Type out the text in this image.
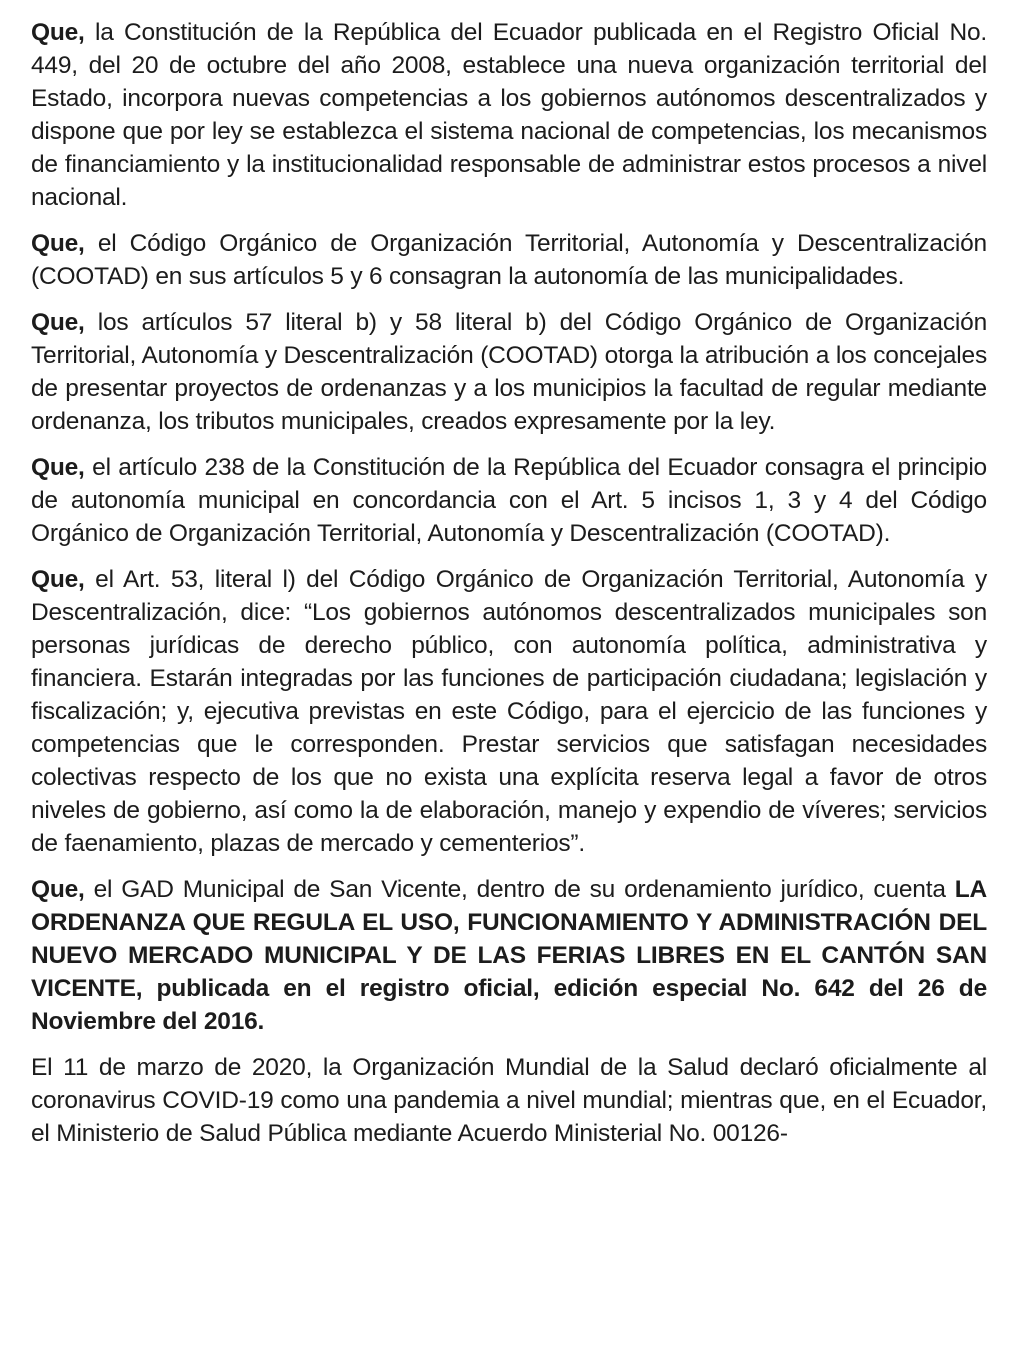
Que, la Constitución de la República del Ecuador publicada en el Registro Oficial No. 449, del 20 de octubre del año 2008, establece una nueva organización territorial del Estado, incorpora nuevas competencias a los gobiernos autónomos descentralizados y dispone que por ley se establezca el sistema nacional de competencias, los mecanismos de financiamiento y la institucionalidad responsable de administrar estos procesos a nivel nacional.

Que, el Código Orgánico de Organización Territorial, Autonomía y Descentralización (COOTAD) en sus artículos 5 y 6 consagran la autonomía de las municipalidades.

Que, los artículos 57 literal b) y 58 literal b) del Código Orgánico de Organización Territorial, Autonomía y Descentralización (COOTAD) otorga la atribución a los concejales de presentar proyectos de ordenanzas y a los municipios la facultad de regular mediante ordenanza, los tributos municipales, creados expresamente por la ley.

Que, el artículo 238 de la Constitución de la República del Ecuador consagra el principio de autonomía municipal en concordancia con el Art. 5 incisos 1, 3 y 4 del Código Orgánico de Organización Territorial, Autonomía y Descentralización (COOTAD).

Que, el Art. 53, literal l) del Código Orgánico de Organización Territorial, Autonomía y Descentralización, dice: “Los gobiernos autónomos descentralizados municipales son personas jurídicas de derecho público, con autonomía política, administrativa y financiera. Estarán integradas por las funciones de participación ciudadana; legislación y fiscalización; y, ejecutiva previstas en este Código, para el ejercicio de las funciones y competencias que le corresponden. Prestar servicios que satisfagan necesidades colectivas respecto de los que no exista una explícita reserva legal a favor de otros niveles de gobierno, así como la de elaboración, manejo y expendio de víveres; servicios de faenamiento, plazas de mercado y cementerios”.

Que, el GAD Municipal de San Vicente, dentro de su ordenamiento jurídico, cuenta LA ORDENANZA QUE REGULA EL USO, FUNCIONAMIENTO Y ADMINISTRACIÓN DEL NUEVO MERCADO MUNICIPAL Y DE LAS FERIAS LIBRES EN EL CANTÓN SAN VICENTE, publicada en el registro oficial, edición especial No. 642 del 26 de Noviembre del 2016.

El 11 de marzo de 2020, la Organización Mundial de la Salud declaró oficialmente al coronavirus COVID-19 como una pandemia a nivel mundial; mientras que, en el Ecuador, el Ministerio de Salud Pública mediante Acuerdo Ministerial No. 00126-
